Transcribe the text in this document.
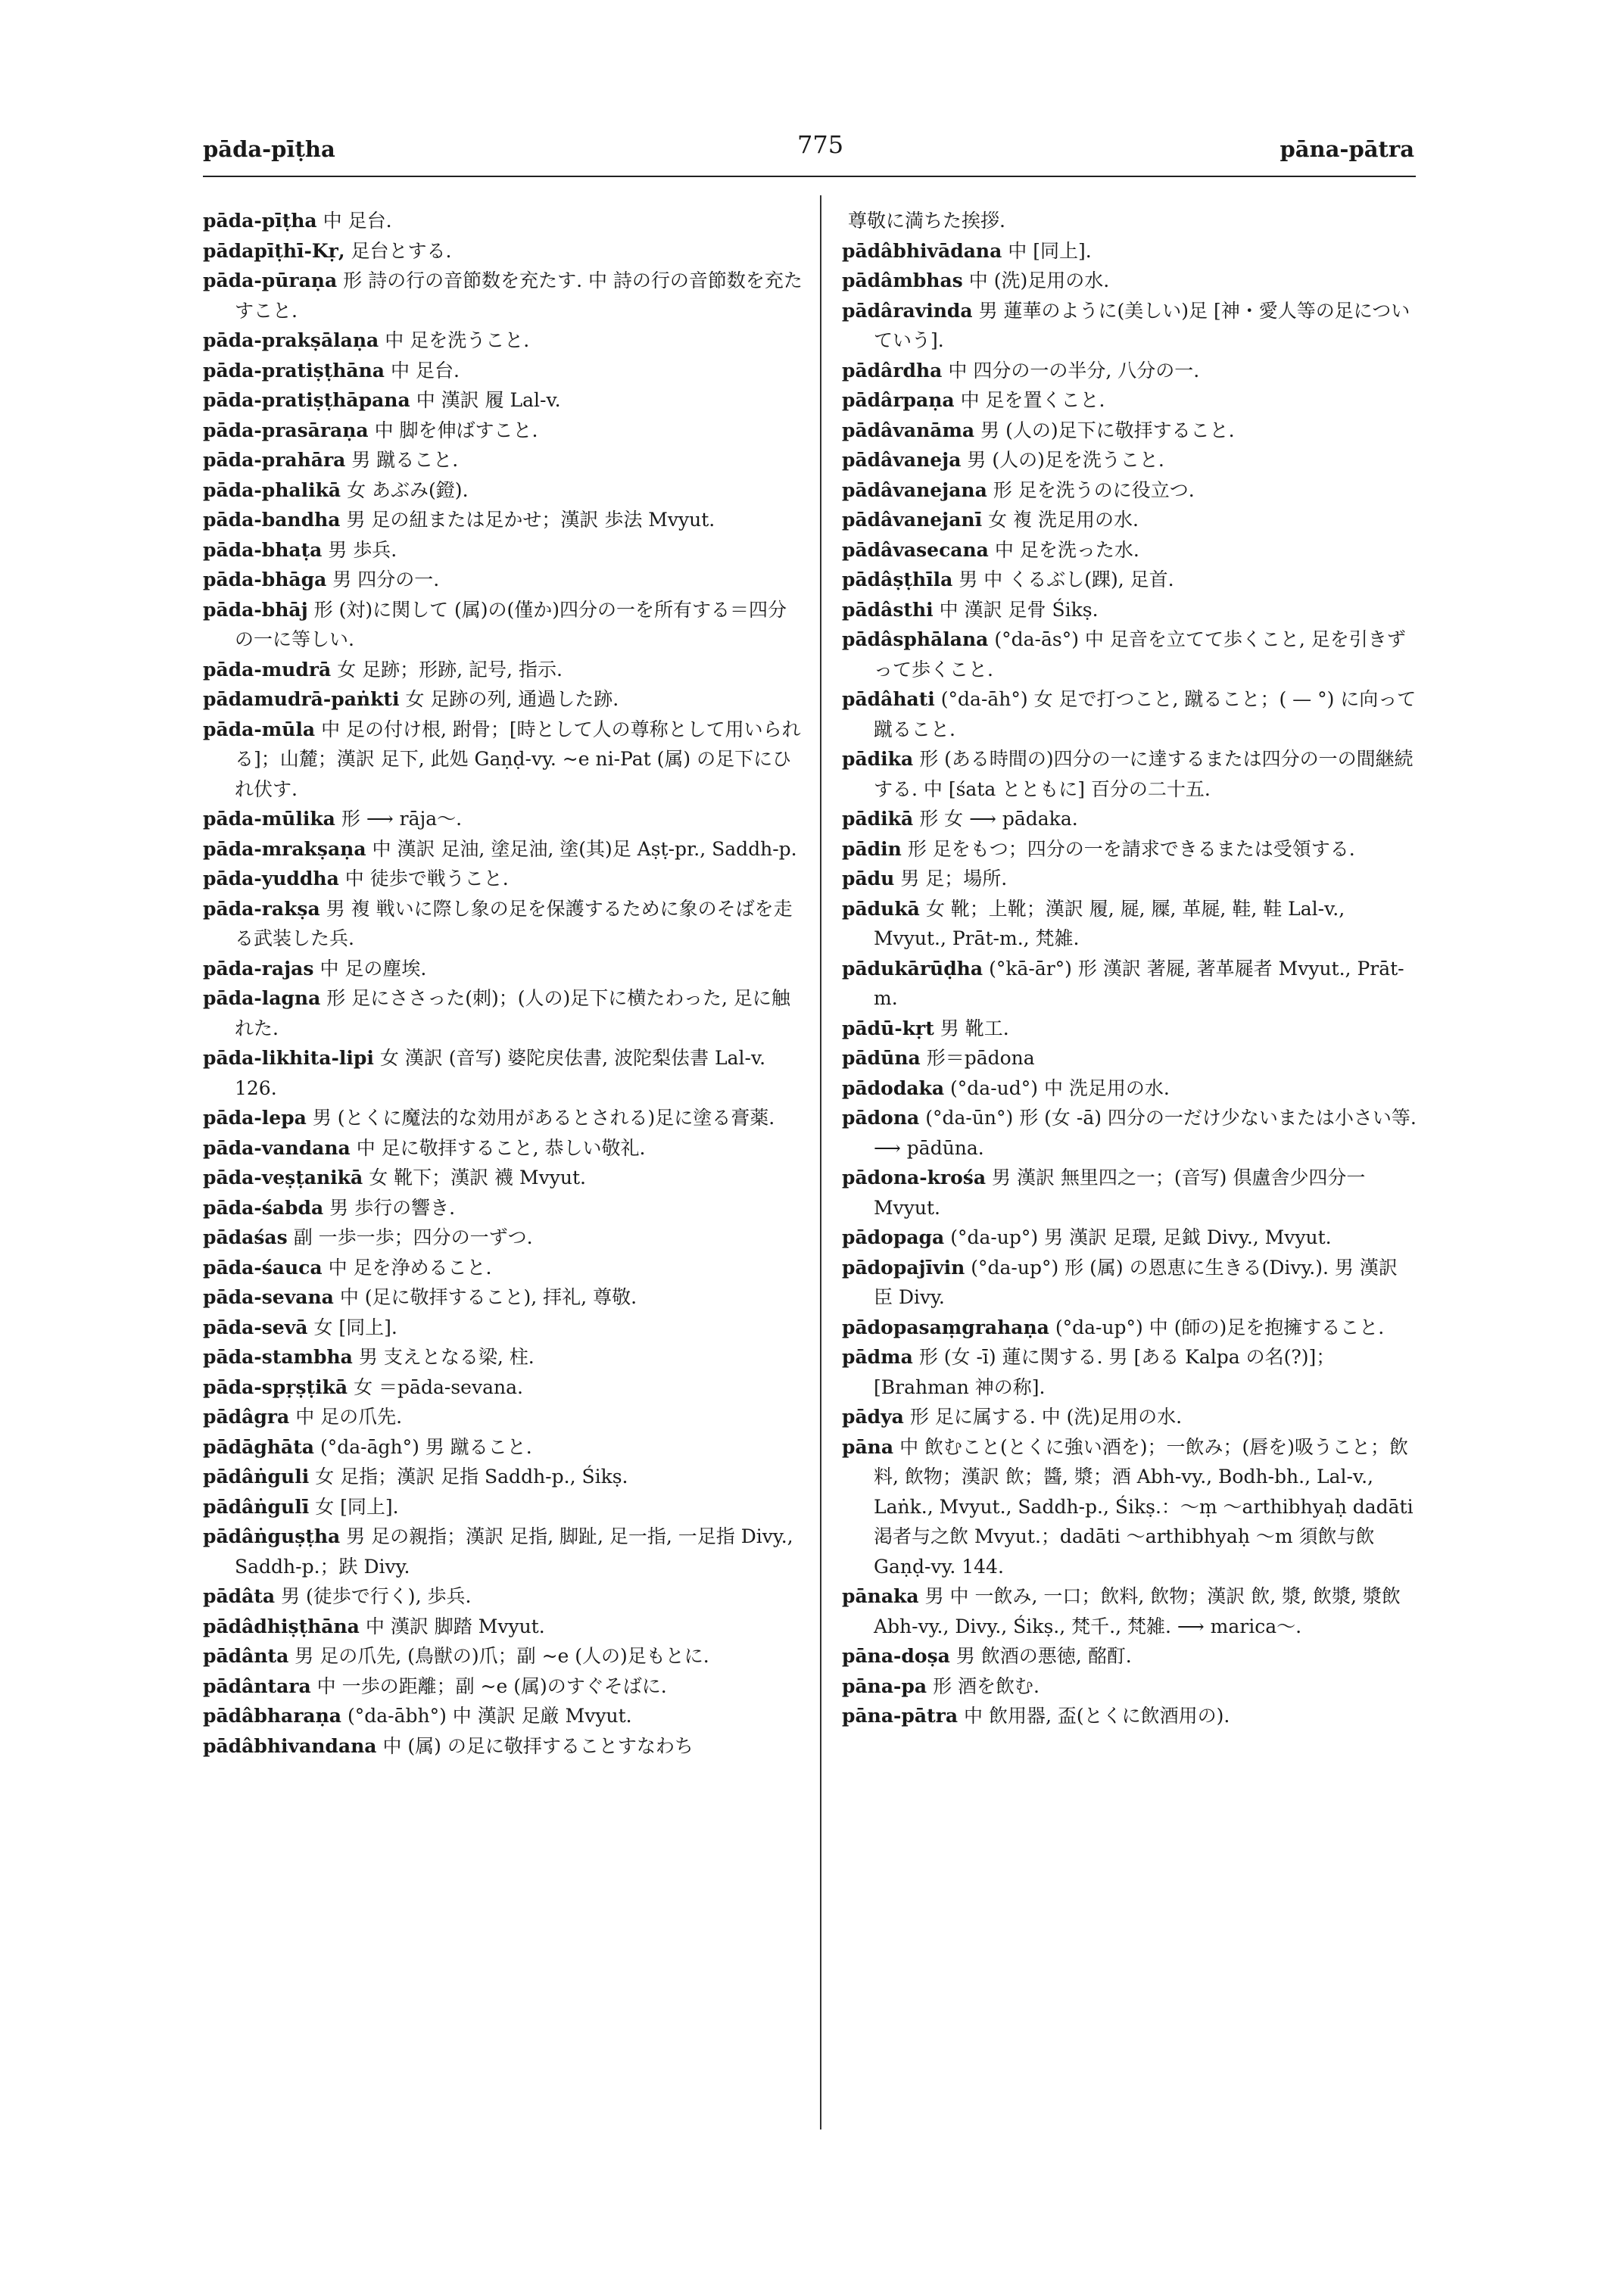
pāda-pīṭha	775	pāna-pātra

pāda-pīṭha 中 足台.

pādapīṭhī-Kṛ, 足台とする.

pāda-pūraṇa 形 詩の行の音節数を充たす. 中 詩の行の音節数を充たすこと.

pāda-prakṣālaṇa 中 足を洗うこと.

pāda-pratiṣṭhāna 中 足台.

pāda-pratiṣṭhāpana 中 漢訳 履 Lal-v.

pāda-prasāraṇa 中 脚を伸ばすこと.

pāda-prahāra 男 蹴ること.

pāda-phalikā 女 あぶみ(鐙).

pāda-bandha 男 足の紐または足かせ；漢訳 歩法 Mvyut.

pāda-bhaṭa 男 歩兵.

pāda-bhāga 男 四分の一.

pāda-bhāj 形 (対)に関して (属)の(僅か)四分の一を所有する＝四分の一に等しい.

pāda-mudrā 女 足跡；形跡, 記号, 指示.

pādamudrā-paṅkti 女 足跡の列, 通過した跡.

pāda-mūla 中 足の付け根, 跗骨；[時として人の尊称として用いられる]；山麓；漢訳 足下, 此処 Gaṇḍ-vy. ~e ni-Pat (属) の足下にひれ伏す.

pāda-mūlika 形 ⟶ rāja～.

pāda-mrakṣaṇa 中 漢訳 足油, 塗足油, 塗(其)足 Aṣṭ-pr., Saddh-p.

pāda-yuddha 中 徒歩で戦うこと.

pāda-rakṣa 男 複 戦いに際し象の足を保護するために象のそばを走る武装した兵.

pāda-rajas 中 足の塵埃.

pāda-lagna 形 足にささった(刺)；(人の)足下に横たわった, 足に触れた.

pāda-likhita-lipi 女 漢訳 (音写) 婆陀戻佉書, 波陀梨佉書 Lal-v. 126.

pāda-lepa 男 (とくに魔法的な効用があるとされる)足に塗る膏薬.

pāda-vandana 中 足に敬拝すること, 恭しい敬礼.

pāda-veṣṭanikā 女 靴下；漢訳 襪 Mvyut.

pāda-śabda 男 歩行の響き.

pādaśas 副 一歩一歩；四分の一ずつ.

pāda-śauca 中 足を浄めること.

pāda-sevana 中 (足に敬拝すること), 拝礼, 尊敬.

pāda-sevā 女 [同上].

pāda-stambha 男 支えとなる梁, 柱.

pāda-spṛṣṭikā 女 ＝pāda-sevana.

pādâgra 中 足の爪先.

pādāghāta (°da-āgh°) 男 蹴ること.

pādâṅguli 女 足指；漢訳 足指 Saddh-p., Śikṣ.

pādâṅgulī 女 [同上].

pādâṅguṣṭha 男 足の親指；漢訳 足指, 脚趾, 足一指, 一足指 Divy., Saddh-p.；趺 Divy.

pādâta 男 (徒歩で行く), 歩兵.

pādâdhiṣṭhāna 中 漢訳 脚踏 Mvyut.

pādânta 男 足の爪先, (鳥獣の)爪；副 ~e (人の)足もとに.

pādântara 中 一歩の距離；副 ~e (属)のすぐそばに.

pādâbharaṇa (°da-ābh°) 中 漢訳 足厳 Mvyut.

pādâbhivandana 中 (属) の足に敬拝することすなわち

尊敬に満ちた挨拶.

pādâbhivādana 中 [同上].

pādâmbhas 中 (洗)足用の水.

pādâravinda 男 蓮華のように(美しい)足 [神・愛人等の足についていう].

pādârdha 中 四分の一の半分, 八分の一.

pādârpaṇa 中 足を置くこと.

pādâvanāma 男 (人の)足下に敬拝すること.

pādâvaneja 男 (人の)足を洗うこと.

pādâvanejana 形 足を洗うのに役立つ.

pādâvanejanī 女 複 洗足用の水.

pādâvasecana 中 足を洗った水.

pādâṣṭhīla 男 中 くるぶし(踝), 足首.

pādâsthi 中 漢訳 足骨 Śikṣ.

pādâsphālana (°da-ās°) 中 足音を立てて歩くこと, 足を引きずって歩くこと.

pādâhati (°da-āh°) 女 足で打つこと, 蹴ること；( — °) に向って蹴ること.

pādika 形 (ある時間の)四分の一に達するまたは四分の一の間継続する. 中 [śata とともに] 百分の二十五.

pādikā 形 女 ⟶ pādaka.

pādin 形 足をもつ；四分の一を請求できるまたは受領する.

pādu 男 足；場所.

pādukā 女 靴；上靴；漢訳 履, 屣, 屧, 革屣, 鞋, 鞋 Lal-v., Mvyut., Prāt-m., 梵雑.

pādukārūḍha (°kā-ār°) 形 漢訳 著屣, 著革屣者 Mvyut., Prāt-m.

pādū-kṛt 男 靴工.

pādūna 形＝pādona

pādodaka (°da-ud°) 中 洗足用の水.

pādona (°da-ūn°) 形 (女 -ā) 四分の一だけ少ないまたは小さい等. ⟶ pādūna.

pādona-krośa 男 漢訳 無里四之一；(音写) 倶盧舎少四分一 Mvyut.

pādopaga (°da-up°) 男 漢訳 足環, 足鉞 Divy., Mvyut.

pādopajīvin (°da-up°) 形 (属) の恩恵に生きる(Divy.). 男 漢訳 臣 Divy.

pādopasaṃgrahaṇa (°da-up°) 中 (師の)足を抱擁すること.

pādma 形 (女 -ī) 蓮に関する. 男 [ある Kalpa の名(?)]；[Brahman 神の称].

pādya 形 足に属する. 中 (洗)足用の水.

pāna 中 飲むこと(とくに強い酒を)；一飲み；(唇を)吸うこと；飲料, 飲物；漢訳 飲；醬, 漿；酒 Abh-vy., Bodh-bh., Lal-v., Laṅk., Mvyut., Saddh-p., Śikṣ.：～ṃ ～arthibhyaḥ dadāti 渇者与之飲 Mvyut.；dadāti ～arthibhyaḥ ～m 須飲与飲 Gaṇḍ-vy. 144.

pānaka 男 中 一飲み, 一口；飲料, 飲物；漢訳 飲, 漿, 飲漿, 漿飲 Abh-vy., Divy., Śikṣ., 梵千., 梵雑. ⟶ marica～.

pāna-doṣa 男 飲酒の悪徳, 酩酊.

pāna-pa 形 酒を飲む.

pāna-pātra 中 飲用器, 盃(とくに飲酒用の).
